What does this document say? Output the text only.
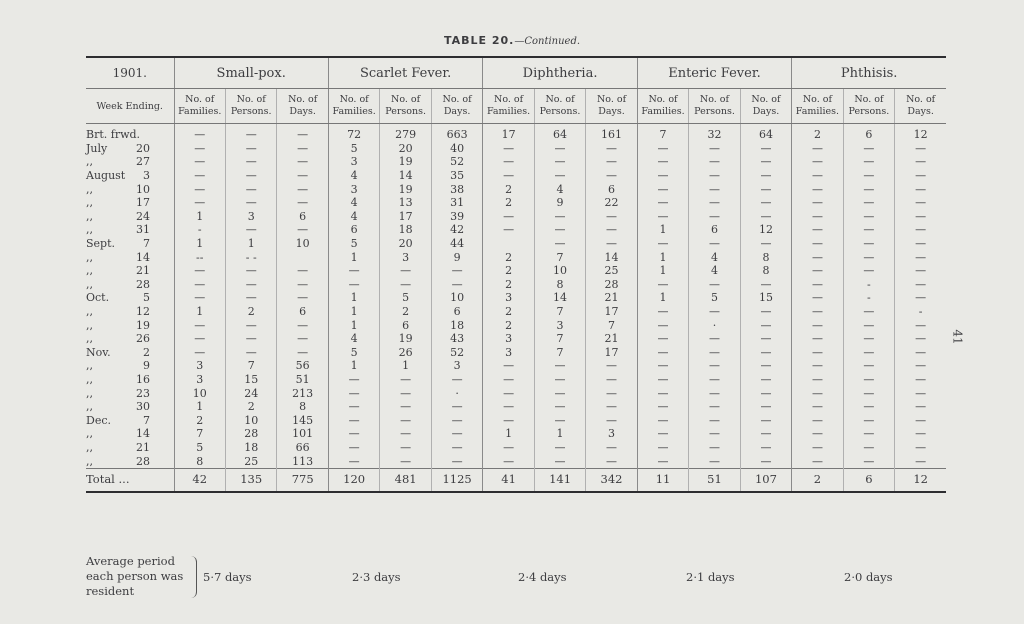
TABLE 20.—Continued.
1901.	Small-pox.			Scarlet Fever.			Diphtheria.			Enteric Fever.			Phthisis.		
Week Ending.	No. of Families.	No. of Persons.	No. of Days.	No. of Families.	No. of Persons.	No. of Days.	No. of Families.	No. of Persons.	No. of Days.	No. of Families.	No. of Persons.	No. of Days.	No. of Families.	No. of Persons.	No. of Days.
Brt. frwd.	—	—	—	72	279	663	17	64	161	7	32	64	2	6	12
July 20	—	—	—	5	20	40	—	—	—	—	—	—	—	—	—
,, 27	—	—	—	3	19	52	—	—	—	—	—	—	—	—	—
August 3	—	—	—	4	14	35	—	—	—	—	—	—	—	—	—
,, 10	—	—	—	3	19	38	2	4	6	—	—	—	—	—	—
,, 17	—	—	—	4	13	31	2	9	22	—	—	—	—	—	—
,, 24	1	3	6	4	17	39	—	—	—	—	—	—	—	—	—
,, 31	-	—	—	6	18	42	—	—	—	1	6	12	—	—	—
Sept. 7	1	1	10	5	20	44		—	—	—	—	—	—	—	—
,, 14	--	- -		1	3	9	2	7	14	1	4	8	—	—	—
,, 21	—	—	—	—	—	—	2	10	25	1	4	8	—	—	—
,, 28	—	—	—	—	—	—	2	8	28	—	—	—	—	-	—
Oct. 5	—	—	—	1	5	10	3	14	21	1	5	15	—	-	—
,, 12	1	2	6	1	2	6	2	7	17	—	—	—	—	—	-
,, 19	—	—	—	1	6	18	2	3	7	—	·	—	—	—	—
,, 26	—	—	—	4	19	43	3	7	21	—	—	—	—	—	—
Nov. 2	—	—	—	5	26	52	3	7	17	—	—	—	—	—	—
,, 9	3	7	56	1	1	3	—	—	—	—	—	—	—	—	—
,, 16	3	15	51	—	—	—	—	—	—	—	—	—	—	—	—
,, 23	10	24	213	—	—	·	—	—	—	—	—	—	—	—	—
,, 30	1	2	8	—	—	—	—	—	—	—	—	—	—	—	—
Dec. 7	2	10	145	—	—	—	—	—	—	—	—	—	—	—	—
,, 14	7	28	101	—	—	—	1	1	3	—	—	—	—	—	—
,, 21	5	18	66	—	—	—	—	—	—	—	—	—	—	—	—
,, 28	8	25	113	—	—	—	—	—	—	—	—	—	—	—	—
Total ...	42	135	775	120	481	1125	41	141	342	11	51	107	2	6	12
Average period each person was resident
5·7 days	2·3 days	2·4 days	2·1 days	2·0 days
41
